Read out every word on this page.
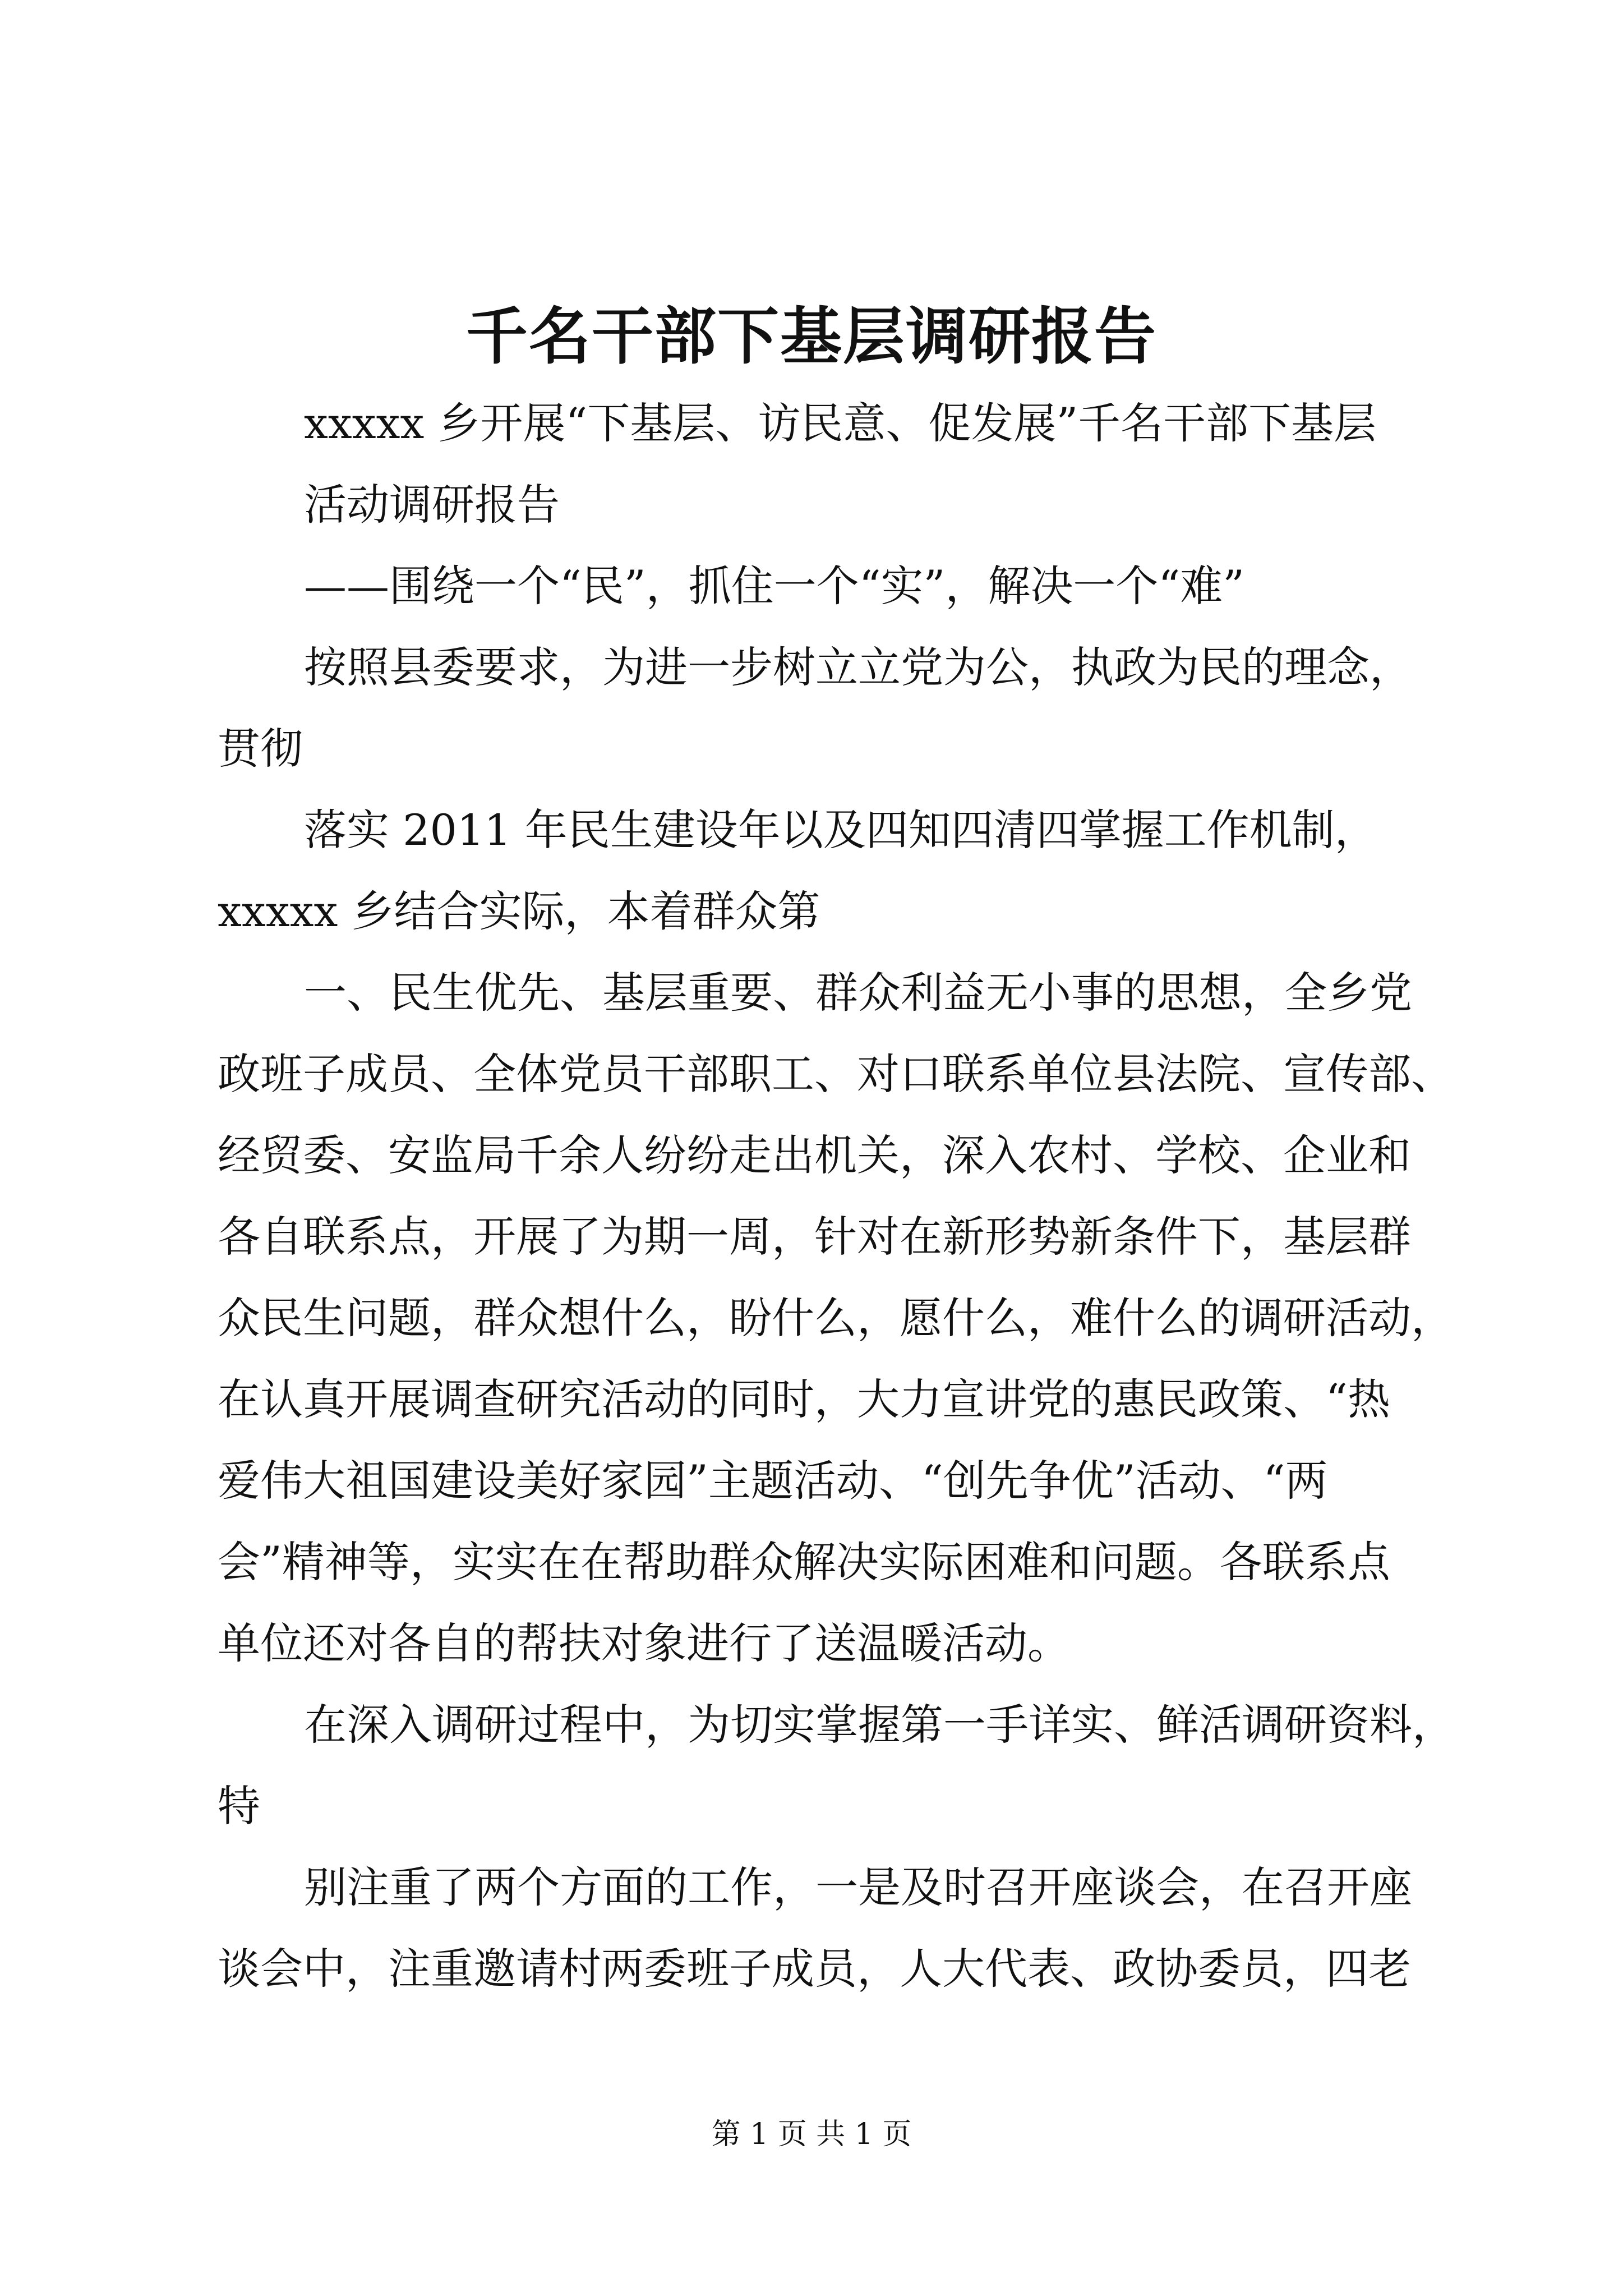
千名干部下基层调研报告
xxxxx 乡开展“下基层、访民意、促发展”千名干部下基层
活动调研报告
——围绕一个“民”，抓住一个“实”，解决一个“难”
按照县委要求，为进一步树立立党为公，执政为民的理念，
贯彻
落实 2011 年民生建设年以及四知四清四掌握工作机制，
xxxxx 乡结合实际，本着群众第
一、民生优先、基层重要、群众利益无小事的思想，全乡党
政班子成员、全体党员干部职工、对口联系单位县法院、宣传部、
经贸委、安监局千余人纷纷走出机关，深入农村、学校、企业和
各自联系点，开展了为期一周，针对在新形势新条件下，基层群
众民生问题，群众想什么，盼什么，愿什么，难什么的调研活动，
在认真开展调查研究活动的同时，大力宣讲党的惠民政策、“热
爱伟大祖国建设美好家园”主题活动、“创先争优”活动、“两
会”精神等，实实在在帮助群众解决实际困难和问题。各联系点
单位还对各自的帮扶对象进行了送温暖活动。
在深入调研过程中，为切实掌握第一手详实、鲜活调研资料，
特
别注重了两个方面的工作，一是及时召开座谈会，在召开座
谈会中，注重邀请村两委班子成员，人大代表、政协委员，四老
第 1 页 共 1 页
